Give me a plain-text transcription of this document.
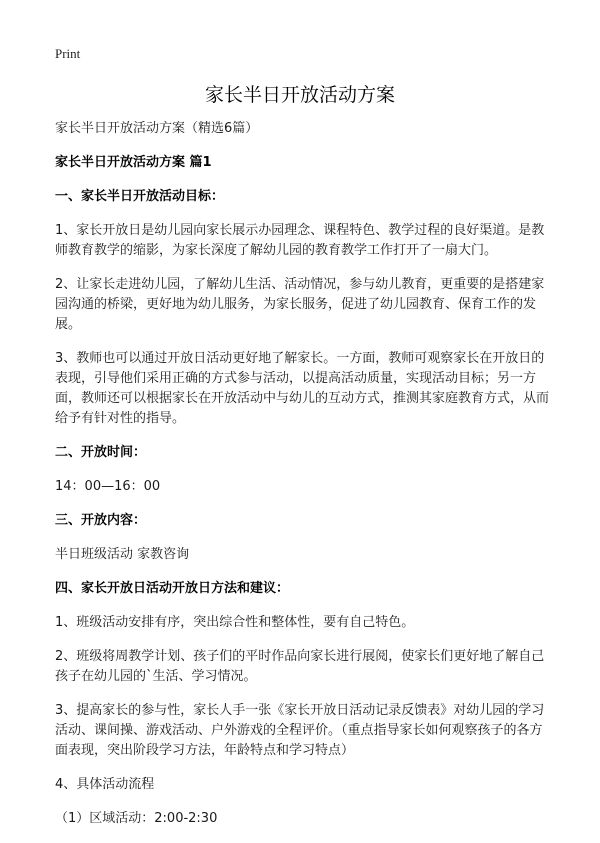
Print
家长半日开放活动方案
家长半日开放活动方案（精选6篇）
家长半日开放活动方案 篇1
一、家长半日开放活动目标：
1、家长开放日是幼儿园向家长展示办园理念、课程特色、教学过程的良好渠道。是教师教育教学的缩影，为家长深度了解幼儿园的教育教学工作打开了一扇大门。
2、让家长走进幼儿园，了解幼儿生活、活动情况，参与幼儿教育，更重要的是搭建家园沟通的桥梁，更好地为幼儿服务，为家长服务，促进了幼儿园教育、保育工作的发展。
3、教师也可以通过开放日活动更好地了解家长。一方面，教师可观察家长在开放日的表现，引导他们采用正确的方式参与活动，以提高活动质量，实现活动目标；另一方面，教师还可以根据家长在开放活动中与幼儿的互动方式，推测其家庭教育方式，从而给予有针对性的指导。
二、开放时间：
14：00—16：00
三、开放内容：
半日班级活动 家教咨询
四、家长开放日活动开放日方法和建议：
1、班级活动安排有序，突出综合性和整体性，要有自己特色。
2、班级将周教学计划、孩子们的平时作品向家长进行展阅，使家长们更好地了解自己孩子在幼儿园的`生活、学习情况。
3、提高家长的参与性，家长人手一张《家长开放日活动记录反馈表》对幼儿园的学习活动、课间操、游戏活动、户外游戏的全程评价。（重点指导家长如何观察孩子的各方面表现，突出阶段学习方法，年龄特点和学习特点）
4、具体活动流程
（1）区域活动：2:00-2:30
